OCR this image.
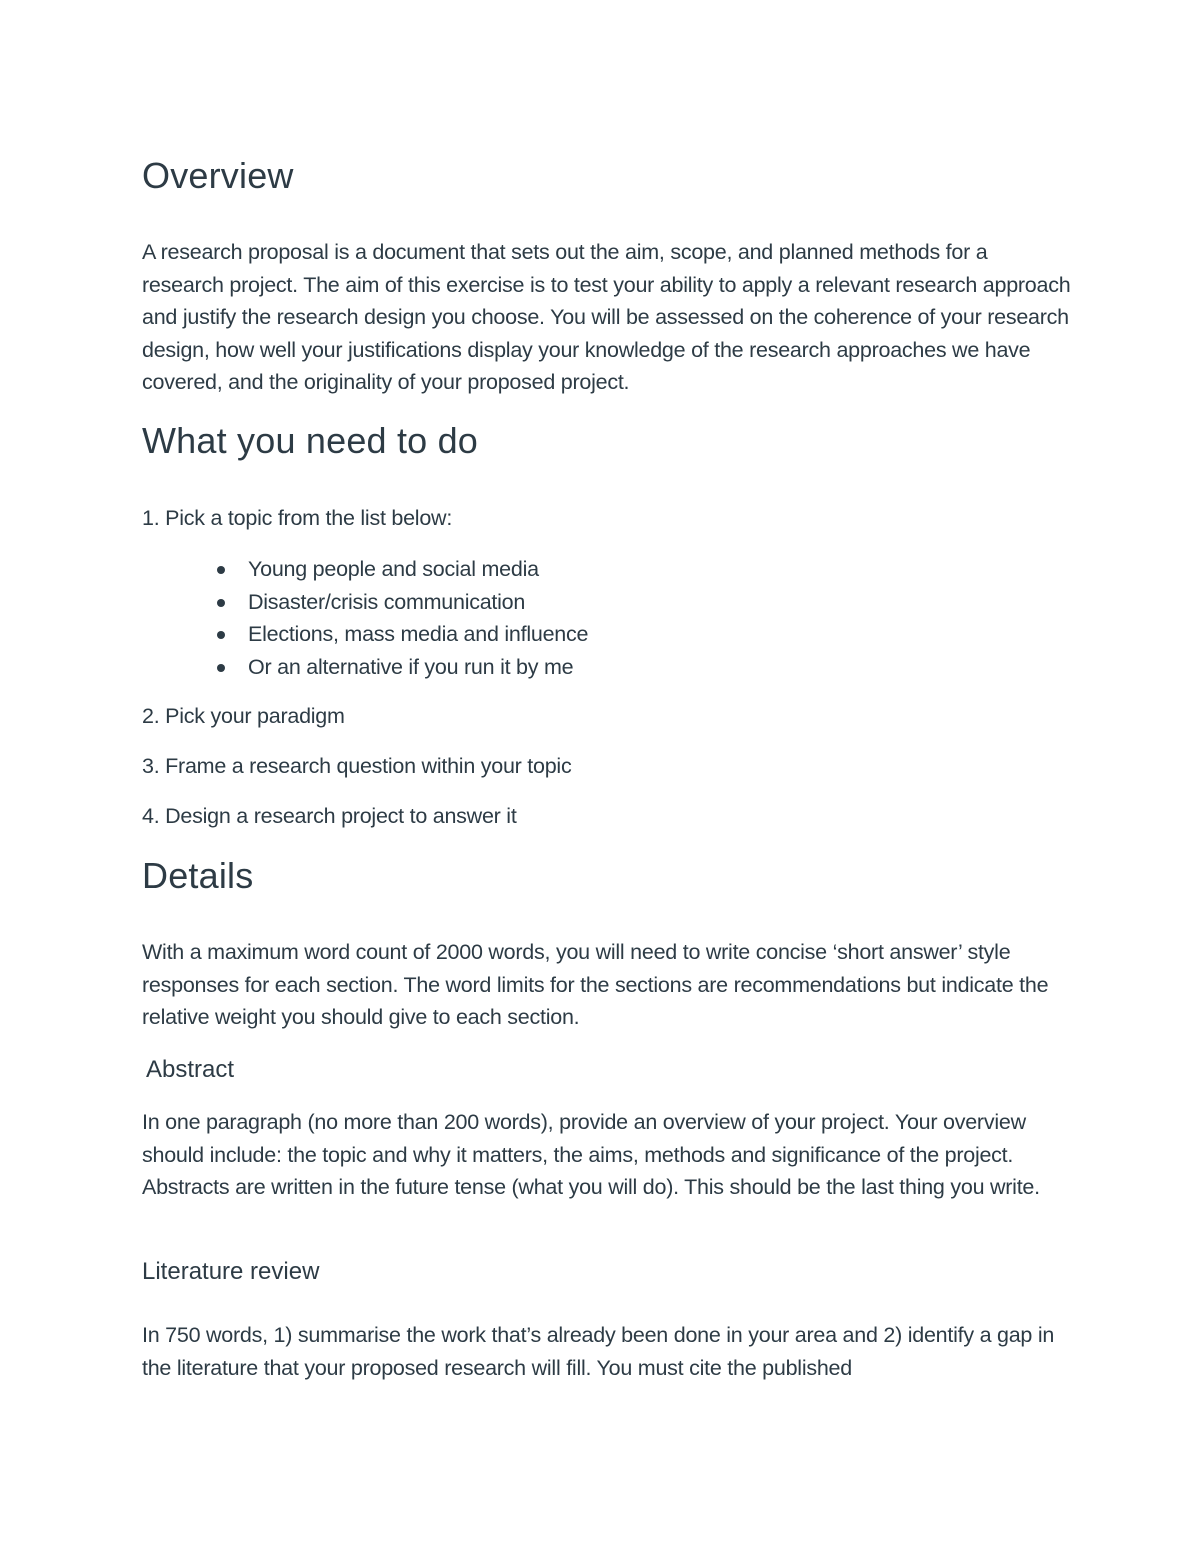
Overview

A research proposal is a document that sets out the aim, scope, and planned methods for a research project. The aim of this exercise is to test your ability to apply a relevant research approach and justify the research design you choose. You will be assessed on the coherence of your research design, how well your justifications display your knowledge of the research approaches we have covered, and the originality of your proposed project.

What you need to do

1. Pick a topic from the list below:

Young people and social media
Disaster/crisis communication
Elections, mass media and influence
Or an alternative if you run it by me

2. Pick your paradigm

3. Frame a research question within your topic

4. Design a research project to answer it

Details

With a maximum word count of 2000 words, you will need to write concise ‘short answer’ style responses for each section. The word limits for the sections are recommendations but indicate the relative weight you should give to each section.

Abstract

In one paragraph (no more than 200 words), provide an overview of your project. Your overview should include: the topic and why it matters, the aims, methods and significance of the project. Abstracts are written in the future tense (what you will do). This should be the last thing you write.

Literature review

In 750 words, 1) summarise the work that’s already been done in your area and 2) identify a gap in the literature that your proposed research will fill. You must cite the published
